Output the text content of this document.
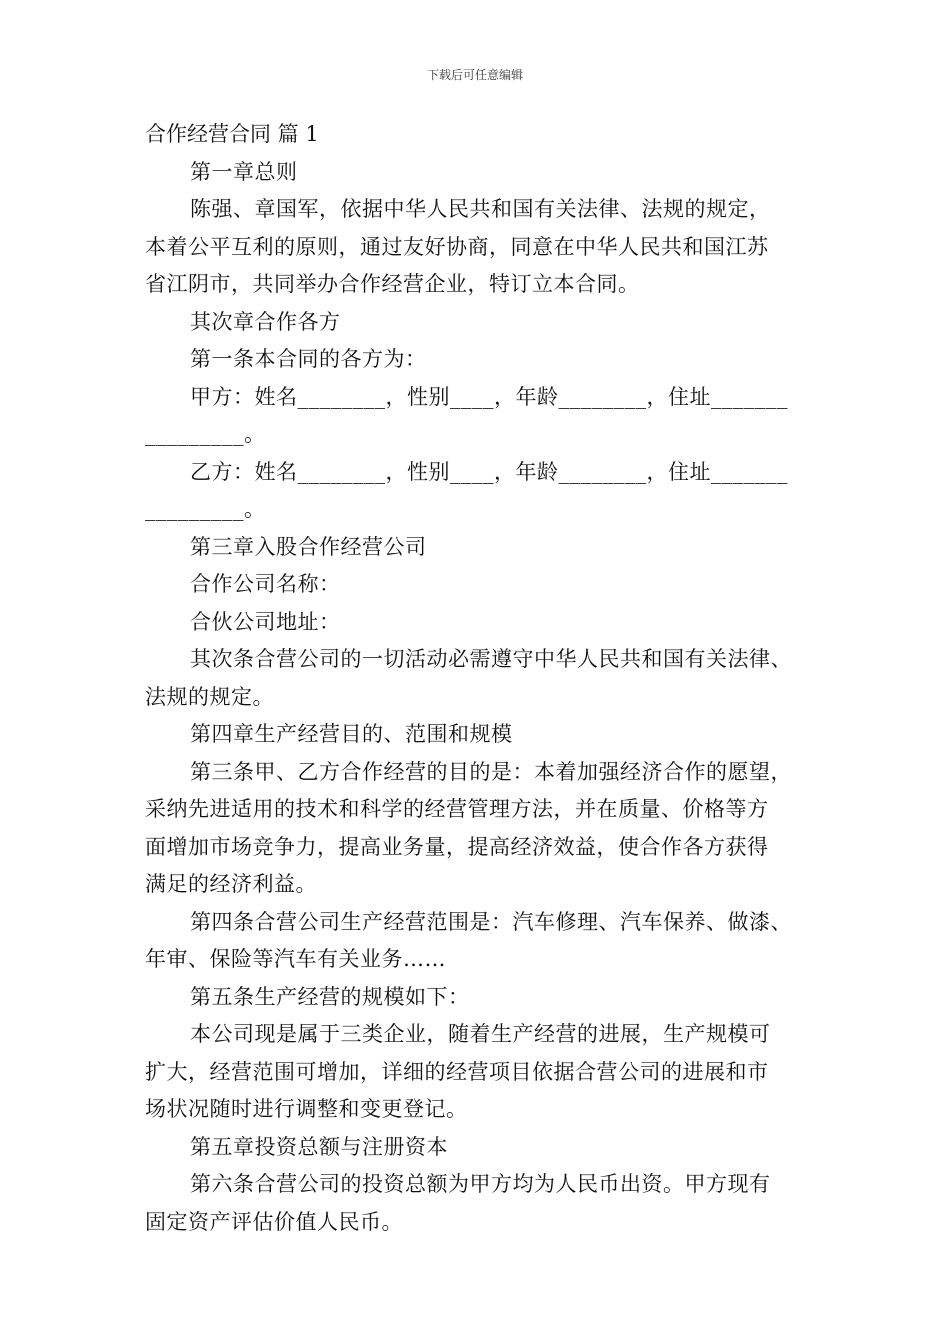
下载后可任意编辑
合作经营合同 篇 1
第一章总则
陈强、章国军，依据中华人民共和国有关法律、法规的规定，
本着公平互利的原则，通过友好协商，同意在中华人民共和国江苏
省江阴市，共同举办合作经营企业，特订立本合同。
其次章合作各方
第一条本合同的各方为：
甲方：姓名________，性别____，年龄________，住址_______
_________。
乙方：姓名________，性别____，年龄________，住址_______
_________。
第三章入股合作经营公司
合作公司名称：
合伙公司地址：
其次条合营公司的一切活动必需遵守中华人民共和国有关法律、
法规的规定。
第四章生产经营目的、范围和规模
第三条甲、乙方合作经营的目的是：本着加强经济合作的愿望，
采纳先进适用的技术和科学的经营管理方法，并在质量、价格等方
面增加市场竞争力，提高业务量，提高经济效益，使合作各方获得
满足的经济利益。
第四条合营公司生产经营范围是：汽车修理、汽车保养、做漆、
年审、保险等汽车有关业务……
第五条生产经营的规模如下：
本公司现是属于三类企业，随着生产经营的进展，生产规模可
扩大，经营范围可增加，详细的经营项目依据合营公司的进展和市
场状况随时进行调整和变更登记。
第五章投资总额与注册资本
第六条合营公司的投资总额为甲方均为人民币出资。甲方现有
固定资产评估价值人民币。
